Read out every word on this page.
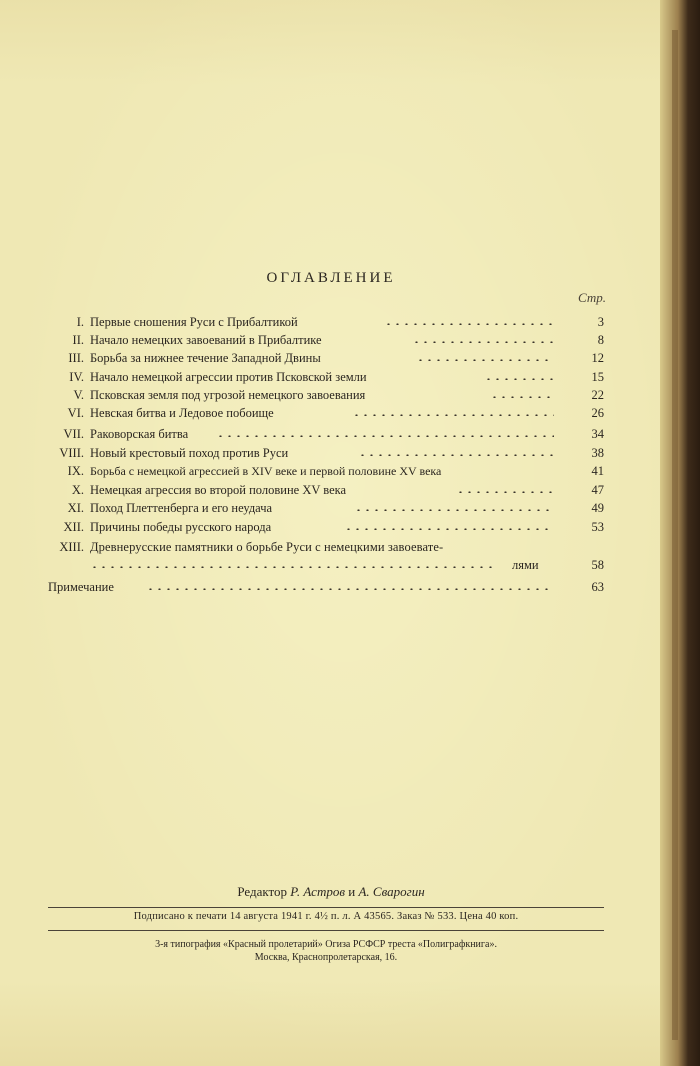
ОГЛАВЛЕНИЕ
Стр.
I. Первые сношения Руси с Прибалтикой	3
II. Начало немецких завоеваний в Прибалтике	8
III. Борьба за нижнее течение Западной Двины	12
IV. Начало немецкой агрессии против Псковской земли	15
V. Псковская земля под угрозой немецкого завоевания	22
VI. Невская битва и Ледовое побоище	26
VII. Раковорская битва	34
VIII. Новый крестовый поход против Руси	38
IX. Борьба с немецкой агрессией в XIV веке и первой половине XV века	41
X. Немецкая агрессия во второй половине XV века	47
XI. Поход Плеттенберга и его неудача	49
XII. Причины победы русского народа	53
XIII. Древнерусские памятники о борьбе Руси с немецкими завоевате-
лями	58
Примечание	63
Редактор Р. Астров и А. Сварогин
Подписано к печати 14 августа 1941 г. 4½ п. л. А 43565. Заказ № 533. Цена 40 коп.
3-я типография «Красный пролетарий» Огиза РСФСР треста «Полиграфкнига».
Москва, Краснопролетарская, 16.
